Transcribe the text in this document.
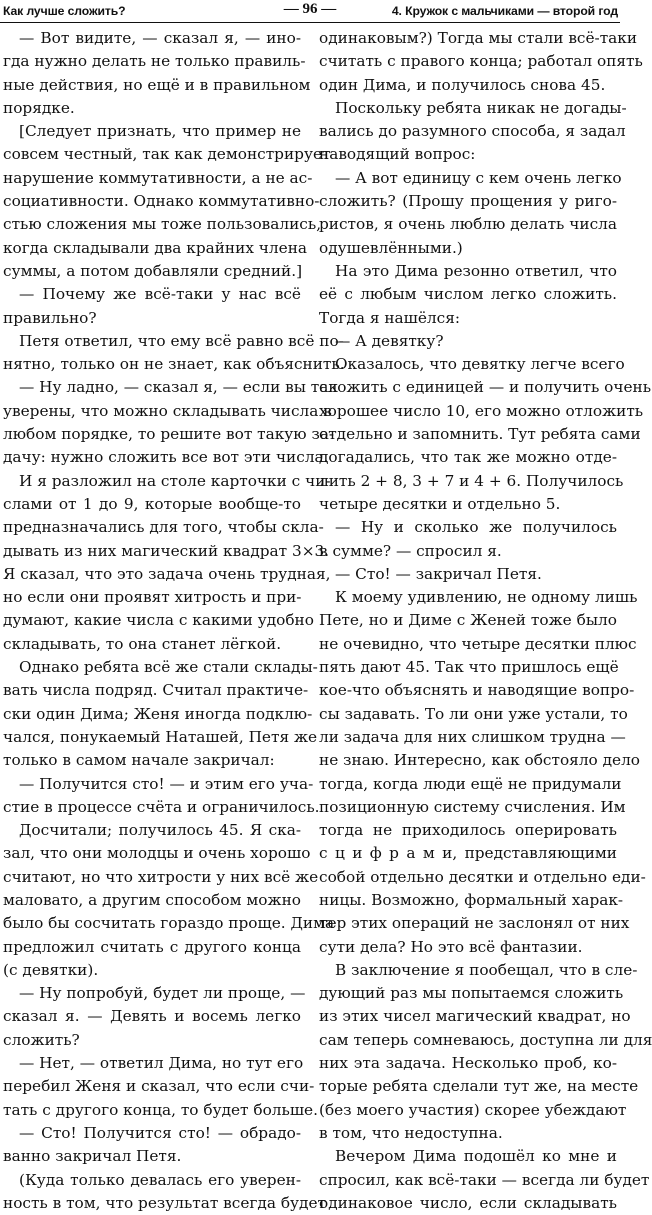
Как лучше сложить?	— 96 —	4. Кружок с мальчиками — второй год
— Вот видите, — сказал я, — ино-
гда нужно делать не только правиль-
ные действия, но ещё и в правильном
порядке.
[Следует признать, что пример не
совсем честный, так как демонстрирует
нарушение коммутативности, а не ас-
социативности. Однако коммутативно-
стью сложения мы тоже пользовались,
когда складывали два крайних члена
суммы, а потом добавляли средний.]
— Почему же всё-таки у нас всё
правильно?
Петя ответил, что ему всё равно всё по-
нятно, только он не знает, как объяснить.
— Ну ладно, — сказал я, — если вы так
уверены, что можно складывать числа в
любом порядке, то решите вот такую за-
дачу: нужно сложить все вот эти числа.
И я разложил на столе карточки с чи-
слами от 1 до 9, которые вообще-то
предназначались для того, чтобы скла-
дывать из них магический квадрат 3×3.
Я сказал, что это задача очень трудная,
но если они проявят хитрость и при-
думают, какие числа с какими удобно
складывать, то она станет лёгкой.
Однако ребята всё же стали склады-
вать числа подряд. Считал практиче-
ски один Дима; Женя иногда подклю-
чался, понукаемый Наташей, Петя же
только в самом начале закричал:
— Получится сто! — и этим его уча-
стие в процессе счёта и ограничилось.
Досчитали; получилось 45. Я ска-
зал, что они молодцы и очень хорошо
считают, но что хитрости у них всё же
маловато, а другим способом можно
было бы сосчитать гораздо проще. Дима
предложил считать с другого конца
(с девятки).
— Ну попробуй, будет ли проще, —
сказал я. — Девять и восемь легко
сложить?
— Нет, — ответил Дима, но тут его
перебил Женя и сказал, что если счи-
тать с другого конца, то будет больше.
— Сто! Получится сто! — обрадо-
ванно закричал Петя.
(Куда только девалась его уверен-
ность в том, что результат всегда будет
одинаковым?) Тогда мы стали всё-таки
считать с правого конца; работал опять
один Дима, и получилось снова 45.
Поскольку ребята никак не догады-
вались до разумного способа, я задал
наводящий вопрос:
— А вот единицу с кем очень легко
сложить? (Прошу прощения у риго-
ристов, я очень люблю делать числа
одушевлёнными.)
На это Дима резонно ответил, что
её с любым числом легко сложить.
Тогда я нашёлся:
— А девятку?
Оказалось, что девятку легче всего
сложить с единицей — и получить очень
хорошее число 10, его можно отложить
отдельно и запомнить. Тут ребята сами
догадались, что так же можно отде-
лить 2 + 8, 3 + 7 и 4 + 6. Получилось
четыре десятки и отдельно 5.
— Ну и сколько же получилось
в сумме? — спросил я.
— Сто! — закричал Петя.
К моему удивлению, не одному лишь
Пете, но и Диме с Женей тоже было
не очевидно, что четыре десятки плюс
пять дают 45. Так что пришлось ещё
кое-что объяснять и наводящие вопро-
сы задавать. То ли они уже устали, то
ли задача для них слишком трудна —
не знаю. Интересно, как обстояло дело
тогда, когда люди ещё не придумали
позиционную систему счисления. Им
тогда не приходилось оперировать
с ц и ф р а м и, представляющими
собой отдельно десятки и отдельно еди-
ницы. Возможно, формальный харак-
тер этих операций не заслонял от них
сути дела? Но это всё фантазии.
В заключение я пообещал, что в сле-
дующий раз мы попытаемся сложить
из этих чисел магический квадрат, но
сам теперь сомневаюсь, доступна ли для
них эта задача. Несколько проб, ко-
торые ребята сделали тут же, на месте
(без моего участия) скорее убеждают
в том, что недоступна.
Вечером Дима подошёл ко мне и
спросил, как всё-таки — всегда ли будет
одинаковое число, если складывать
